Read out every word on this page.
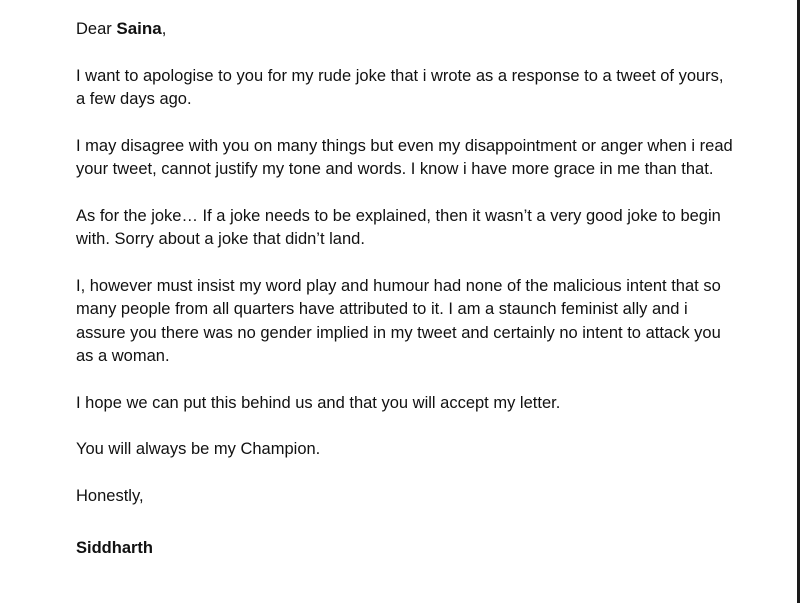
Dear Saina,

I want to apologise to you for my rude joke that i wrote as a response to a tweet of yours, a few days ago.

I may disagree with you on many things but even my disappointment or anger when i read your tweet, cannot justify my tone and words. I know i have more grace in me than that.

As for the joke… If a joke needs to be explained, then it wasn’t a very good joke to begin with. Sorry about a joke that didn’t land.

I, however must insist my word play and humour had none of the malicious intent that so many people from all quarters have attributed to it. I am a staunch feminist ally and i assure you there was no gender implied in my tweet and certainly no intent to attack you as a woman.

I hope we can put this behind us and that you will accept my letter.

You will always be my Champion.

Honestly,

Siddharth
